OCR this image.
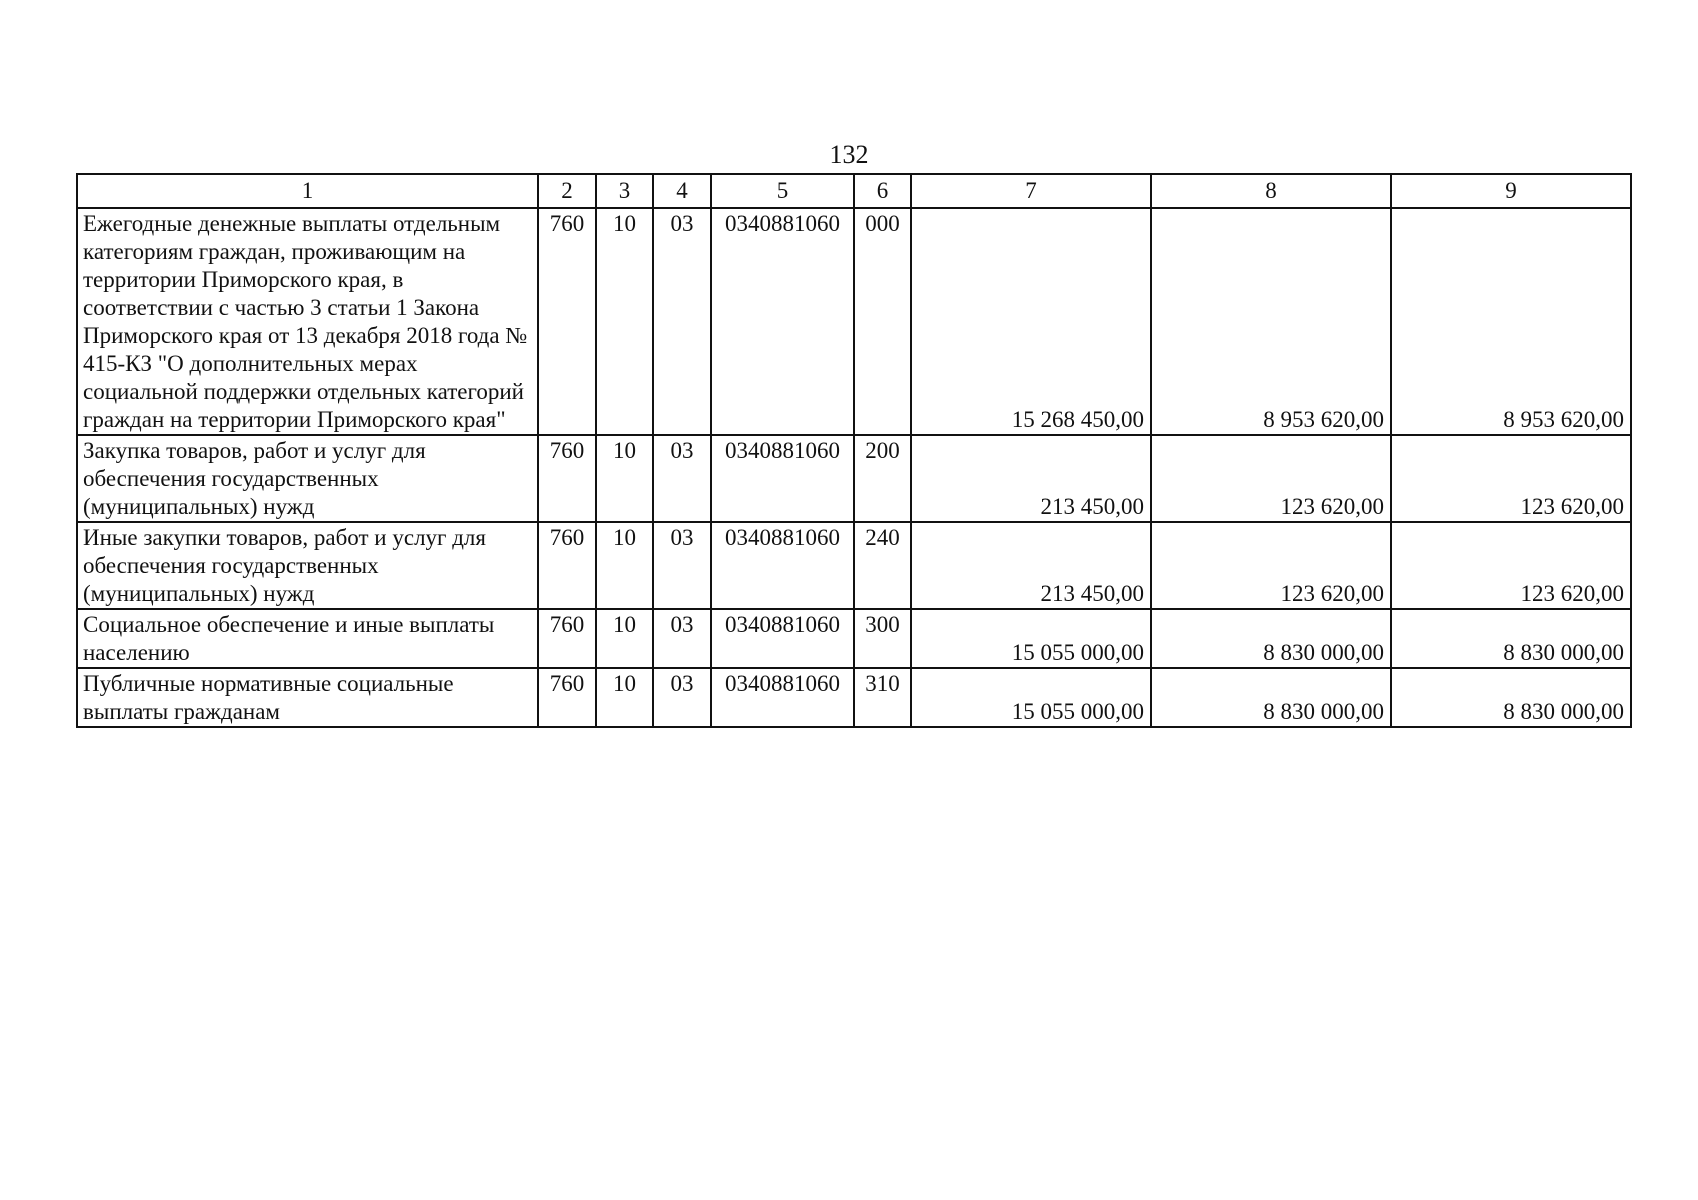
132
1	2	3	4	5	6	7	8	9
Ежегодные денежные выплаты отдельным категориям граждан, проживающим на территории Приморского края, в соответствии с частью 3 статьи 1 Закона Приморского края от 13 декабря 2018 года № 415-КЗ "О дополнительных мерах социальной поддержки отдельных категорий граждан на территории Приморского края"	760	10	03	0340881060	000	15 268 450,00	8 953 620,00	8 953 620,00
Закупка товаров, работ и услуг для обеспечения государственных (муниципальных) нужд	760	10	03	0340881060	200	213 450,00	123 620,00	123 620,00
Иные закупки товаров, работ и услуг для обеспечения государственных (муниципальных) нужд	760	10	03	0340881060	240	213 450,00	123 620,00	123 620,00
Социальное обеспечение и иные выплаты населению	760	10	03	0340881060	300	15 055 000,00	8 830 000,00	8 830 000,00
Публичные нормативные социальные выплаты гражданам	760	10	03	0340881060	310	15 055 000,00	8 830 000,00	8 830 000,00
